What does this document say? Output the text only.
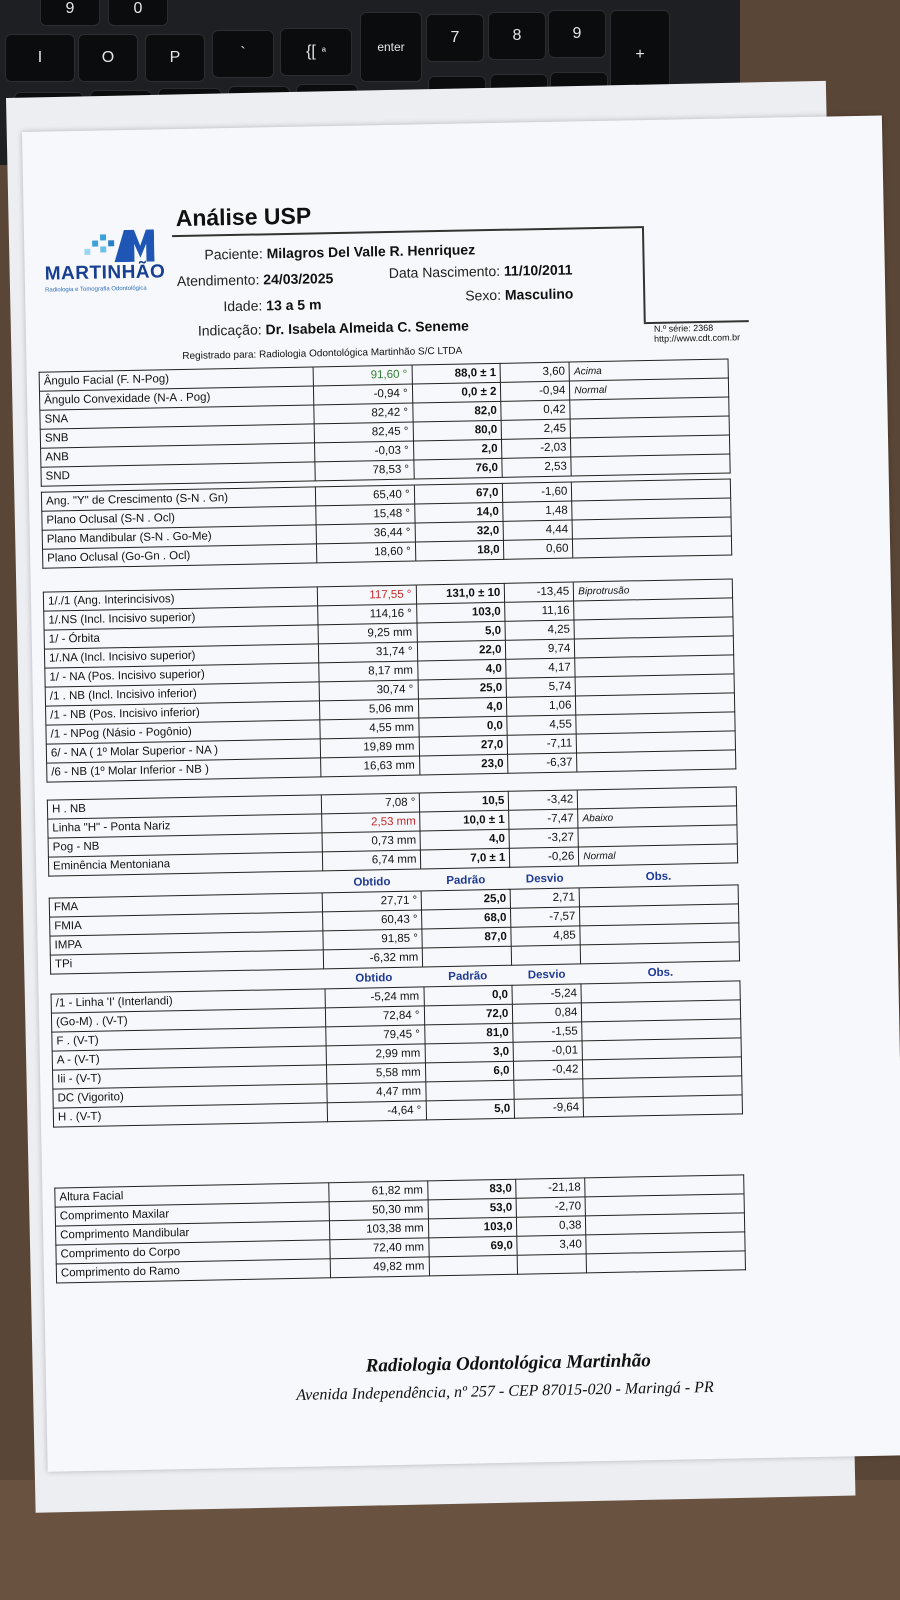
9	0
I	O	P	`	{ [ ª	enter
7	8	9
+
MARTINHÃO
Radiologia e Tomografia Odontológica
Análise USP
Paciente: Milagros Del Valle R. Henriquez
Atendimento: 24/03/2025	Data Nascimento: 11/10/2011
Idade: 13 a 5 m
Sexo: Masculino
Indicação: Dr. Isabela Almeida C. Seneme
Registrado para: Radiologia Odontológica Martinhão S/C LTDA
N.º série: 2368
http://www.cdt.com.br
Ângulo Facial (F. N-Pog)	91,60 °	88,0 ± 1	3,60	Acima
Ângulo Convexidade (N-A . Pog)	-0,94 °	0,0 ± 2	-0,94	Normal
SNA	82,42 °	82,0	0,42	
SNB	82,45 °	80,0	2,45	
ANB	-0,03 °	2,0	-2,03	
SND	78,53 °	76,0	2,53	
Ang. "Y" de Crescimento (S-N . Gn)	65,40 °	67,0	-1,60	
Plano Oclusal (S-N . Ocl)	15,48 °	14,0	1,48	
Plano Mandibular (S-N . Go-Me)	36,44 °	32,0	4,44	
Plano Oclusal (Go-Gn . Ocl)	18,60 °	18,0	0,60	
1/./1 (Ang. Interincisivos)	117,55 °	131,0 ± 10	-13,45	Biprotrusão
1/.NS (Incl. Incisivo superior)	114,16 °	103,0	11,16	
1/ - Órbita	9,25 mm	5,0	4,25	
1/.NA (Incl. Incisivo superior)	31,74 °	22,0	9,74	
1/ - NA (Pos. Incisivo superior)	8,17 mm	4,0	4,17	
/1 . NB (Incl. Incisivo inferior)	30,74 °	25,0	5,74	
/1 - NB (Pos. Incisivo inferior)	5,06 mm	4,0	1,06	
/1 - NPog (Násio - Pogônio)	4,55 mm	0,0	4,55	
6/ - NA ( 1º Molar Superior - NA )	19,89 mm	27,0	-7,11	
/6 - NB (1º Molar Inferior - NB )	16,63 mm	23,0	-6,37	
H . NB	7,08 °	10,5	-3,42	
Linha "H" - Ponta Nariz	2,53 mm	10,0 ± 1	-7,47	Abaixo
Pog - NB	0,73 mm	4,0	-3,27	
Eminência Mentoniana	6,74 mm	7,0 ± 1	-0,26	Normal
	Obtido	Padrão	Desvio	Obs.
FMA	27,71 °	25,0	2,71	
FMIA	60,43 °	68,0	-7,57	
IMPA	91,85 °	87,0	4,85	
TPi	-6,32 mm			
	Obtido	Padrão	Desvio	Obs.
/1 - Linha 'I' (Interlandi)	-5,24 mm	0,0	-5,24	
(Go-M) . (V-T)	72,84 °	72,0	0,84	
F . (V-T)	79,45 °	81,0	-1,55	
A - (V-T)	2,99 mm	3,0	-0,01	
Iii - (V-T)	5,58 mm	6,0	-0,42	
DC (Vigorito)	4,47 mm			
H . (V-T)	-4,64 °	5,0	-9,64	
Altura Facial	61,82 mm	83,0	-21,18	
Comprimento Maxilar	50,30 mm	53,0	-2,70	
Comprimento Mandibular	103,38 mm	103,0	0,38	
Comprimento do Corpo	72,40 mm	69,0	3,40	
Comprimento do Ramo	49,82 mm			
Radiologia Odontológica Martinhão
Avenida Independência, nº 257 - CEP 87015-020 - Maringá - PR
